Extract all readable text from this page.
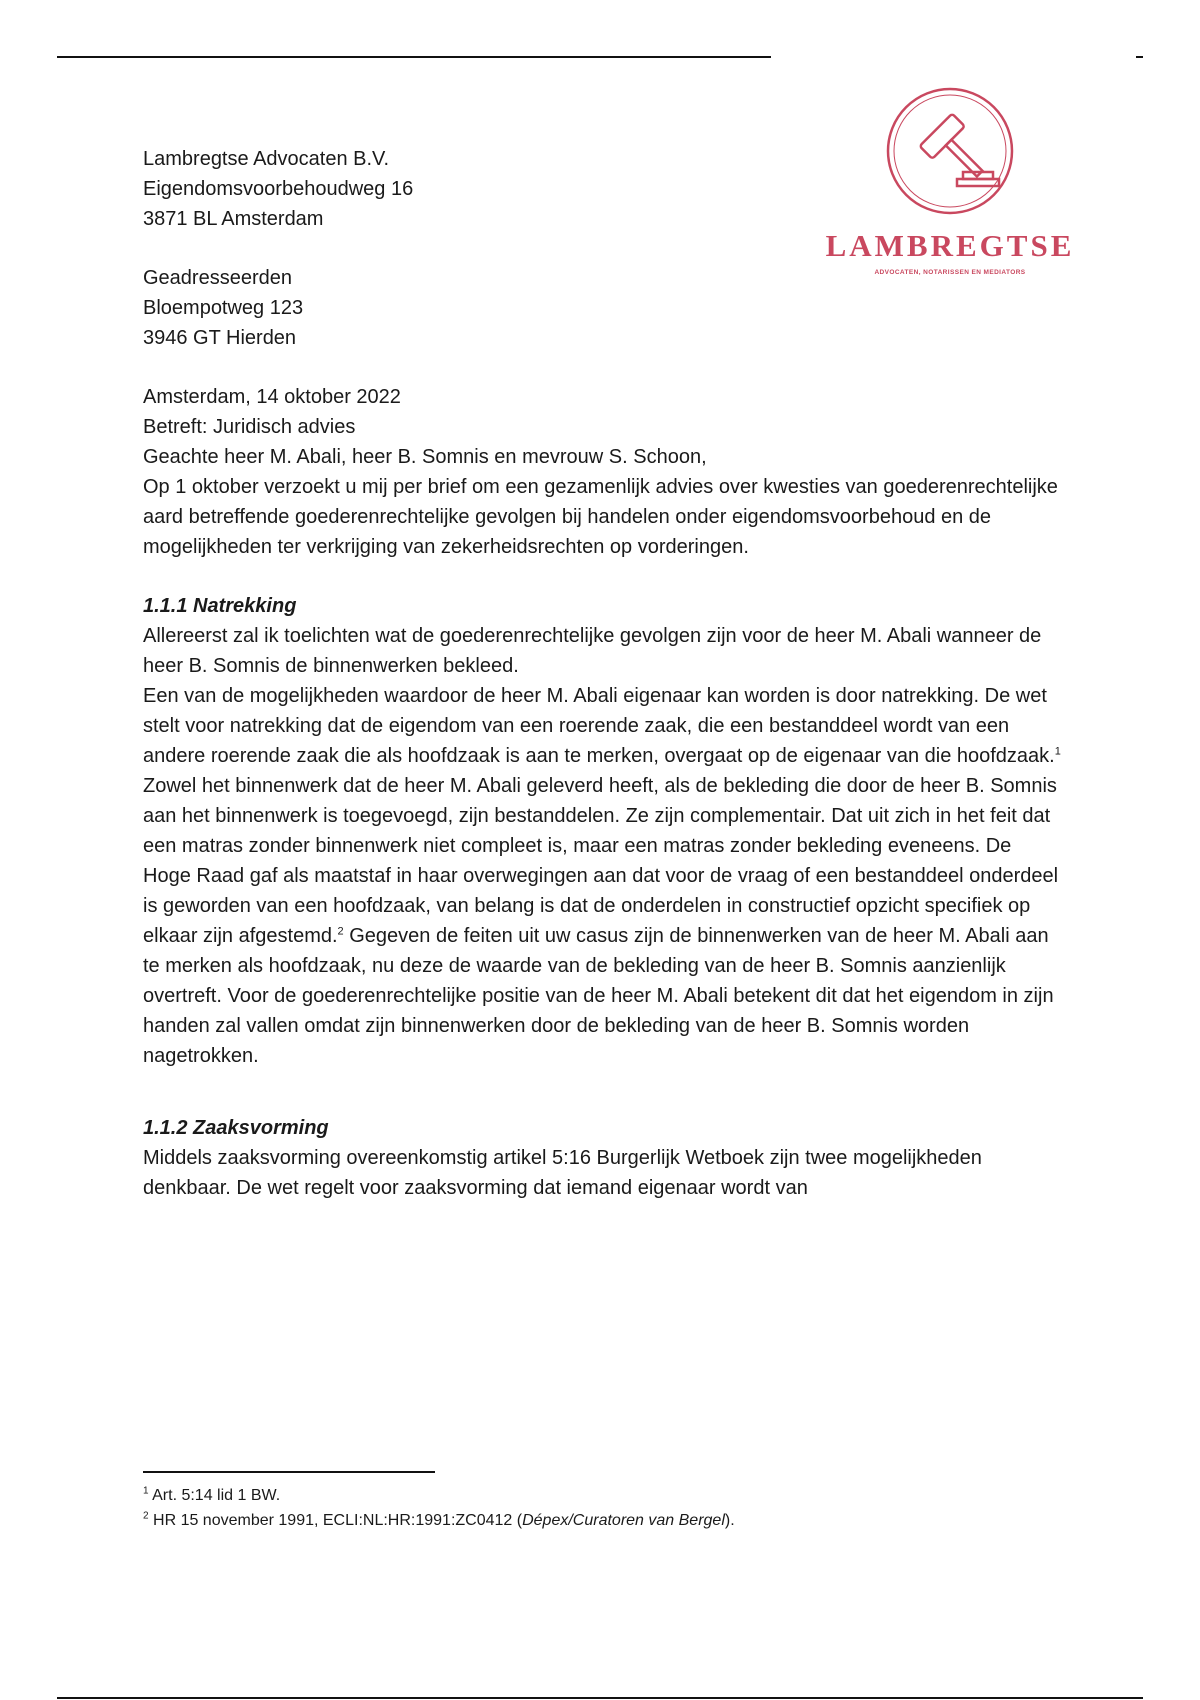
LAMBREGTSE
ADVOCATEN, NOTARISSEN EN MEDIATORS

Lambregtse Advocaten B.V.

Eigendomsvoorbehoudweg 16

3871 BL Amsterdam

Geadresseerden

Bloempotweg 123

3946 GT Hierden

Amsterdam, 14 oktober 2022

Betreft: Juridisch advies

Geachte heer M. Abali, heer B. Somnis en mevrouw S. Schoon,

Op 1 oktober verzoekt u mij per brief om een gezamenlijk advies over kwesties van goederenrechtelijke aard betreffende goederenrechtelijke gevolgen bij handelen onder eigendomsvoorbehoud en de mogelijkheden ter verkrijging van zekerheidsrechten op vorderingen.

1.1.1 Natrekking

Allereerst zal ik toelichten wat de goederenrechtelijke gevolgen zijn voor de heer M. Abali wanneer de heer B. Somnis de binnenwerken bekleed.

Een van de mogelijkheden waardoor de heer M. Abali eigenaar kan worden is door natrekking. De wet stelt voor natrekking dat de eigendom van een roerende zaak, die een bestanddeel wordt van een andere roerende zaak die als hoofdzaak is aan te merken, overgaat op de eigenaar van die hoofdzaak.$^1$

Zowel het binnenwerk dat de heer M. Abali geleverd heeft, als de bekleding die door de heer B. Somnis aan het binnenwerk is toegevoegd, zijn bestanddelen. Ze zijn complementair. Dat uit zich in het feit dat een matras zonder binnenwerk niet compleet is, maar een matras zonder bekleding eveneens. De Hoge Raad gaf als maatstaf in haar overwegingen aan dat voor de vraag of een bestanddeel onderdeel is geworden van een hoofdzaak, van belang is dat de onderdelen in constructief opzicht specifiek op elkaar zijn afgestemd.$^2$ Gegeven de feiten uit uw casus zijn de binnenwerken van de heer M. Abali aan te merken als hoofdzaak, nu deze de waarde van de bekleding van de heer B. Somnis aanzienlijk overtreft. Voor de goederenrechtelijke positie van de heer M. Abali betekent dit dat het eigendom in zijn handen zal vallen omdat zijn binnenwerken door de bekleding van de heer B. Somnis worden nagetrokken.

1.1.2 Zaaksvorming

Middels zaaksvorming overeenkomstig artikel 5:16 Burgerlijk Wetboek zijn twee mogelijkheden denkbaar. De wet regelt voor zaaksvorming dat iemand eigenaar wordt van

$^1$ Art. 5:14 lid 1 BW.

$^2$ HR 15 november 1991, ECLI:NL:HR:1991:ZC0412 (Dépex/Curatoren van Bergel).
